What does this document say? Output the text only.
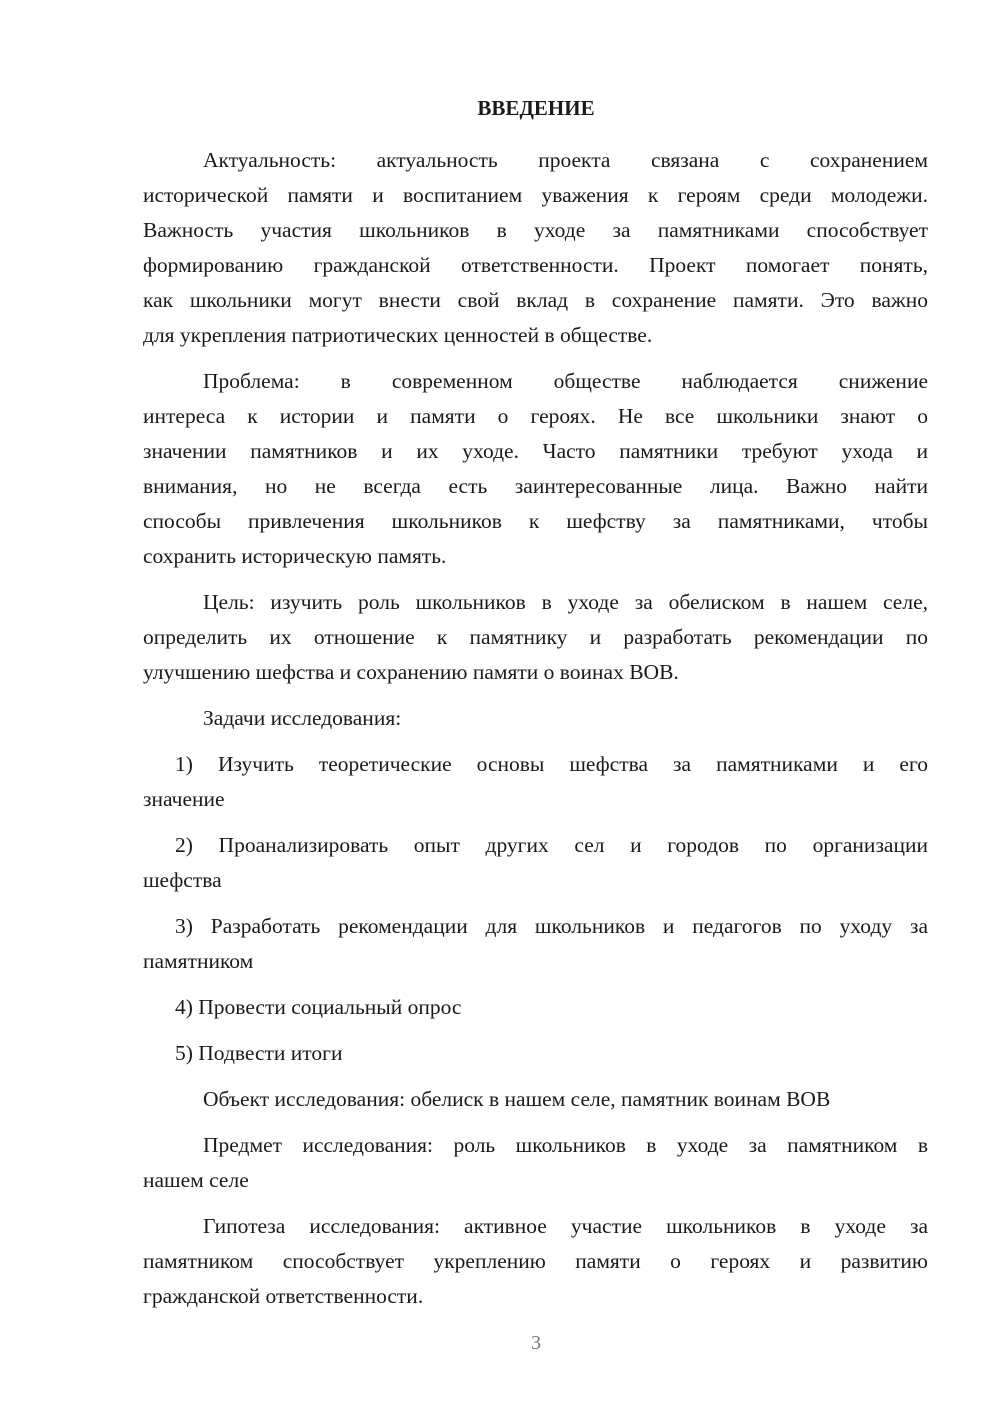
ВВЕДЕНИЕ
Актуальность: актуальность проекта связана с сохранением
исторической памяти и воспитанием уважения к героям среди молодежи.
Важность участия школьников в уходе за памятниками способствует
формированию гражданской ответственности. Проект помогает понять,
как школьники могут внести свой вклад в сохранение памяти. Это важно
для укрепления патриотических ценностей в обществе.
Проблема: в современном обществе наблюдается снижение
интереса к истории и памяти о героях. Не все школьники знают о
значении памятников и их уходе. Часто памятники требуют ухода и
внимания, но не всегда есть заинтересованные лица. Важно найти
способы привлечения школьников к шефству за памятниками, чтобы
сохранить историческую память.
Цель: изучить роль школьников в уходе за обелиском в нашем селе,
определить их отношение к памятнику и разработать рекомендации по
улучшению шефства и сохранению памяти о воинах ВОВ.
Задачи исследования:
1) Изучить теоретические основы шефства за памятниками и его
значение
2) Проанализировать опыт других сел и городов по организации
шефства
3) Разработать рекомендации для школьников и педагогов по уходу за
памятником
4) Провести социальный опрос
5) Подвести итоги
Объект исследования: обелиск в нашем селе, памятник воинам ВОВ
Предмет исследования: роль школьников в уходе за памятником в
нашем селе
Гипотеза исследования: активное участие школьников в уходе за
памятником способствует укреплению памяти о героях и развитию
гражданской ответственности.
3
